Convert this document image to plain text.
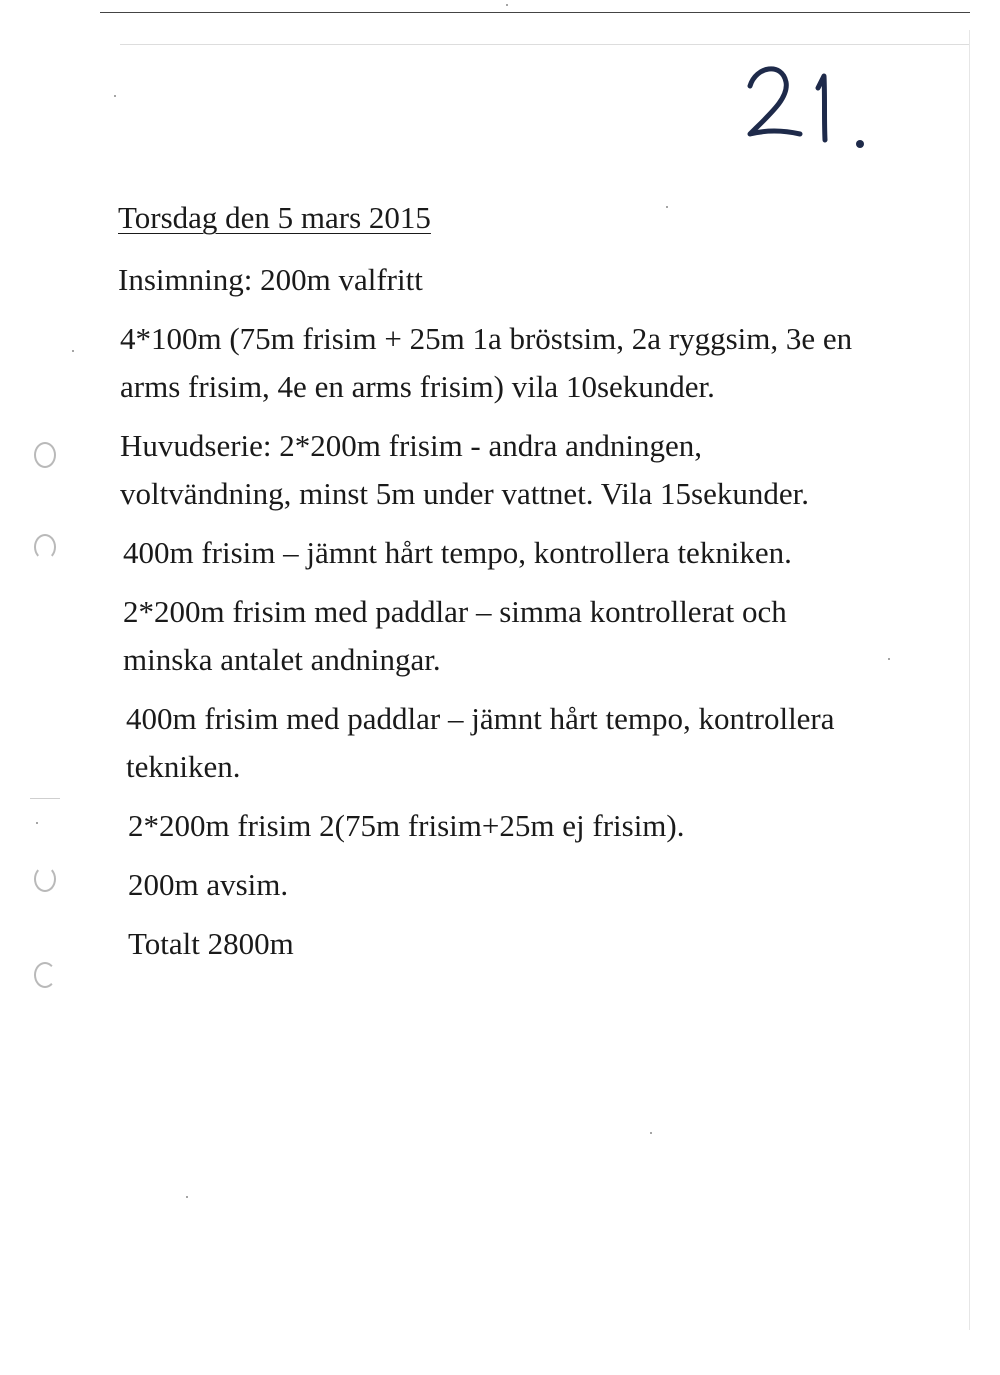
Torsdag den 5 mars 2015

Insimning: 200m valfritt

4*100m (75m frisim + 25m 1a bröstsim, 2a ryggsim, 3e en arms frisim, 4e en arms frisim) vila 10sekunder.

Huvudserie: 2*200m frisim - andra andningen, voltvändning, minst 5m under vattnet. Vila 15sekunder.

400m frisim – jämnt hårt tempo, kontrollera tekniken.

2*200m frisim med paddlar – simma kontrollerat och minska antalet andningar.

400m frisim med paddlar – jämnt hårt tempo, kontrollera tekniken.

2*200m frisim 2(75m frisim+25m ej frisim).

200m avsim.

Totalt 2800m
